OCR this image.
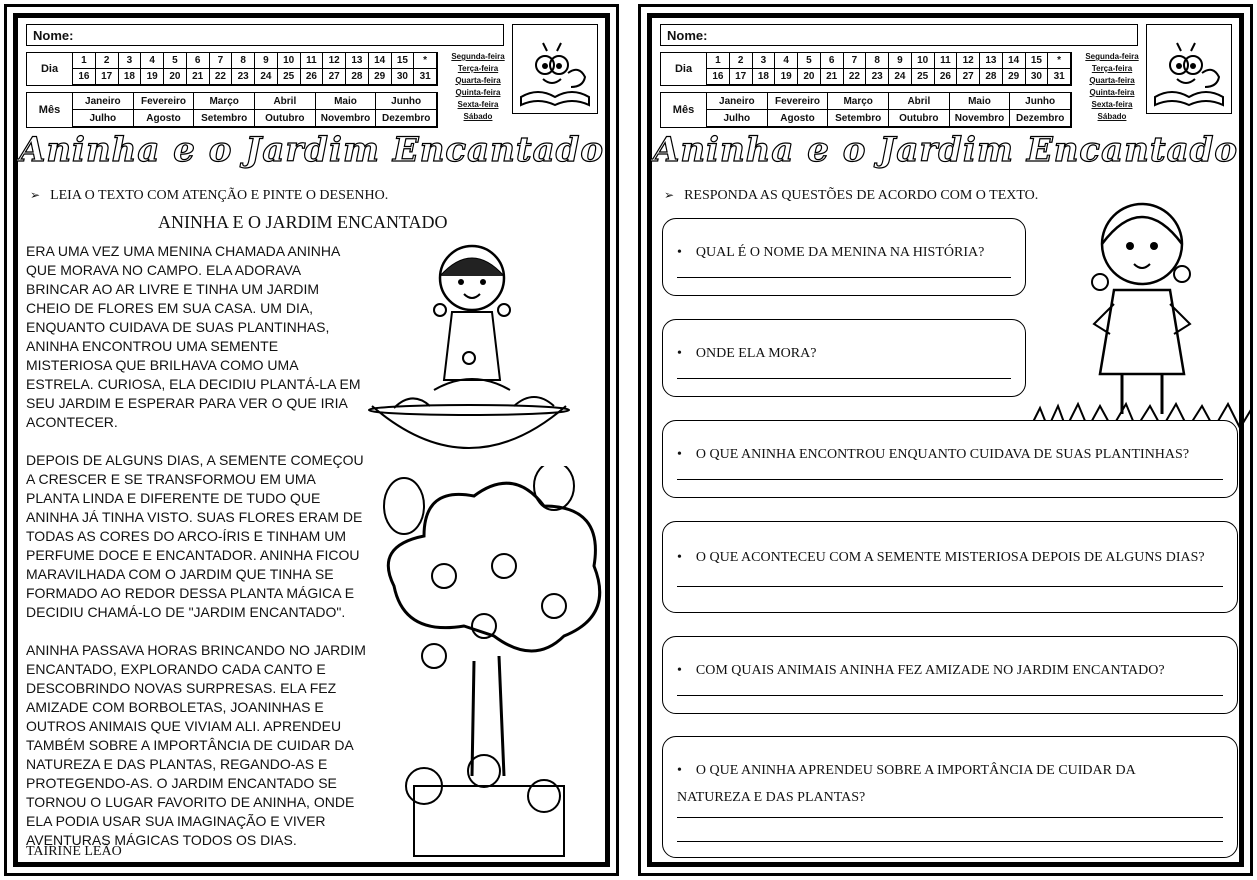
Nome:
Dia
1	2	3	4	5	6	7	8	9	10	11	12	13	14	15	*
16	17	18	19	20	21	22	23	24	25	26	27	28	29	30	31
Mês
Janeiro	Fevereiro	Março	Abril	Maio	Junho
Julho	Agosto	Setembro	Outubro	Novembro	Dezembro
Segunda-feira
Terça-feira
Quarta-feira
Quinta-feira
Sexta-feira
Sábado
Aninha e o Jardim Encantado
➢ LEIA O TEXTO COM ATENÇÃO E PINTE O DESENHO.
ANINHA E O JARDIM ENCANTADO

ERA UMA VEZ UMA MENINA CHAMADA ANINHA QUE MORAVA NO CAMPO. ELA ADORAVA BRINCAR AO AR LIVRE E TINHA UM JARDIM CHEIO DE FLORES EM SUA CASA. UM DIA, ENQUANTO CUIDAVA DE SUAS PLANTINHAS, ANINHA ENCONTROU UMA SEMENTE MISTERIOSA QUE BRILHAVA COMO UMA ESTRELA. CURIOSA, ELA DECIDIU PLANTÁ-LA EM SEU JARDIM E ESPERAR PARA VER O QUE IRIA ACONTECER.

DEPOIS DE ALGUNS DIAS, A SEMENTE COMEÇOU A CRESCER E SE TRANSFORMOU EM UMA PLANTA LINDA E DIFERENTE DE TUDO QUE ANINHA JÁ TINHA VISTO. SUAS FLORES ERAM DE TODAS AS CORES DO ARCO-ÍRIS E TINHAM UM PERFUME DOCE E ENCANTADOR. ANINHA FICOU MARAVILHADA COM O JARDIM QUE TINHA SE FORMADO AO REDOR DESSA PLANTA MÁGICA E DECIDIU CHAMÁ-LO DE "JARDIM ENCANTADO".

ANINHA PASSAVA HORAS BRINCANDO NO JARDIM ENCANTADO, EXPLORANDO CADA CANTO E DESCOBRINDO NOVAS SURPRESAS. ELA FEZ AMIZADE COM BORBOLETAS, JOANINHAS E OUTROS ANIMAIS QUE VIVIAM ALI. APRENDEU TAMBÉM SOBRE A IMPORTÂNCIA DE CUIDAR DA NATUREZA E DAS PLANTAS, REGANDO-AS E PROTEGENDO-AS. O JARDIM ENCANTADO SE TORNOU O LUGAR FAVORITO DE ANINHA, ONDE ELA PODIA USAR SUA IMAGINAÇÃO E VIVER AVENTURAS MÁGICAS TODOS OS DIAS.

TAIRINE LEÃO
Nome:
Dia
1	2	3	4	5	6	7	8	9	10	11	12	13	14	15	*
16	17	18	19	20	21	22	23	24	25	26	27	28	29	30	31
Mês
Janeiro	Fevereiro	Março	Abril	Maio	Junho
Julho	Agosto	Setembro	Outubro	Novembro	Dezembro
Segunda-feira
Terça-feira
Quarta-feira
Quinta-feira
Sexta-feira
Sábado
Aninha e o Jardim Encantado
➢ RESPONDA AS QUESTÕES DE ACORDO COM O TEXTO.
• QUAL É O NOME DA MENINA NA HISTÓRIA?
• ONDE ELA MORA?
• O QUE ANINHA ENCONTROU ENQUANTO CUIDAVA DE SUAS PLANTINHAS?
• O QUE ACONTECEU COM A SEMENTE MISTERIOSA DEPOIS DE ALGUNS DIAS?
• COM QUAIS ANIMAIS ANINHA FEZ AMIZADE NO JARDIM ENCANTADO?
• O QUE ANINHA APRENDEU SOBRE A IMPORTÂNCIA DE CUIDAR DA NATUREZA E DAS PLANTAS?
